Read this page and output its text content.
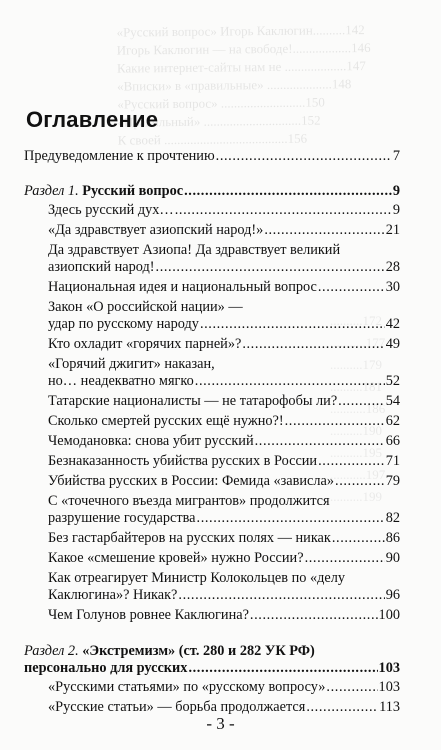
«Русский вопрос» Игорь Каклюгин..........142
Игорь Каклюгин — на свободе!..................146
Какие интернет-сайты нам не ...................147
«Вписки» в «правильные» ....................148
«Русский вопрос» ..........................150
«Правильный» ..............................152
К своей ......................................156
..........172
...........177
..........179
..........181
...........186
..........190
..........195
...........197
..........199
Оглавление
Предуведомление к прочтению .....	7
Раздел 1. Русский вопрос .....	9
Здесь русский дух… .....	9
«Да здравствует азиопский народ!» .....	21
Да здравствует Азиопа! Да здравствует великий
азиопский народ! .....	28
Национальная идея и национальный вопрос .....	30
Закон «О российской нации» —
удар по русскому народу .....	42
Кто охладит «горячих парней»? .....	49
«Горячий джигит» наказан,
но… неадекватно мягко .....	52
Татарские националисты — не татарофобы ли? .....	54
Сколько смертей русских ещё нужно?! .....	62
Чемодановка: снова убит русский .....	66
Безнаказанность убийства русских в России .....	71
Убийства русских в России: Фемида «зависла» .....	79
С «точечного въезда мигрантов» продолжится
разрушение государства .....	82
Без гастарбайтеров на русских полях — никак .....	86
Какое «смешение кровей» нужно России? .....	90
Как отреагирует Министр Колокольцев по «делу
Каклюгина»? Никак? .....	96
Чем Голунов ровнее Каклюгина? .....	100
Раздел 2. «Экстремизм» (ст. 280 и 282 УК РФ)
персонально для русских .....	103
«Русскими статьями» по «русскому вопросу» .....	103
«Русские статьи» — борьба продолжается .....	113
- 3 -
